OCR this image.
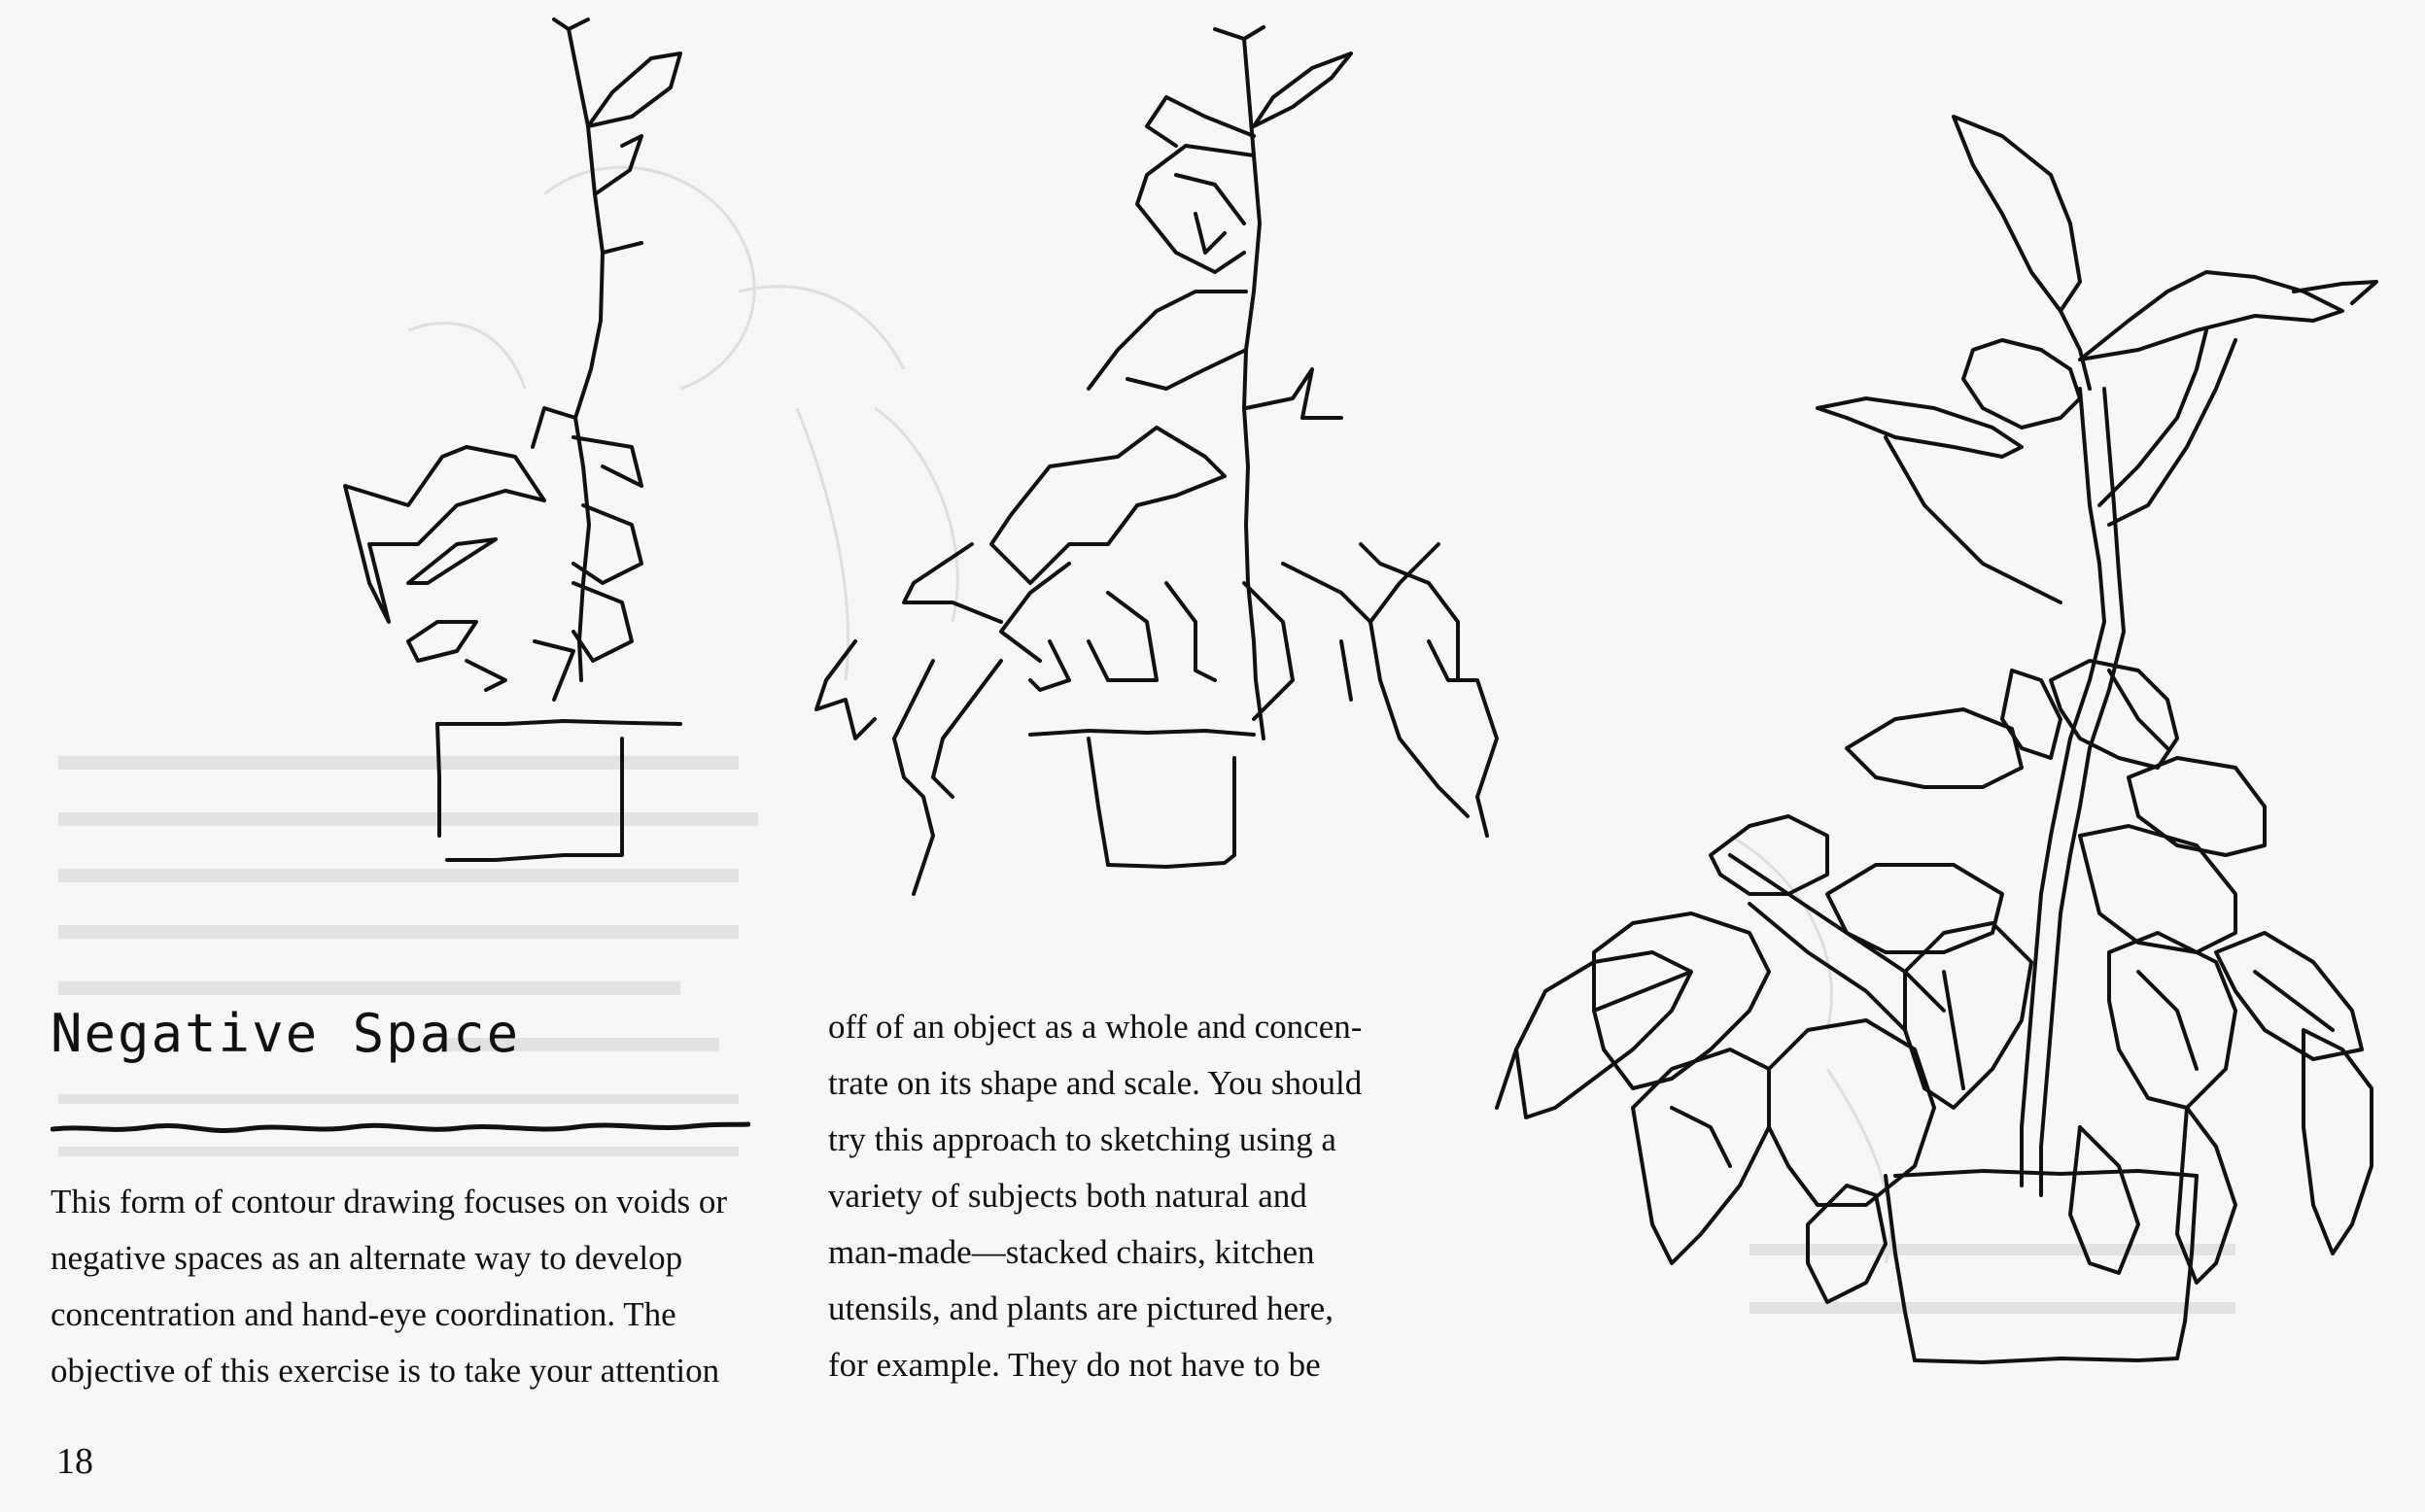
Negative Space

This form of contour drawing focuses on voids or
negative spaces as an alternate way to develop
concentration and hand-eye coordination. The
objective of this exercise is to take your attention

off of an object as a whole and concen-
trate on its shape and scale. You should
try this approach to sketching using a
variety of subjects both natural and
man-made—stacked chairs, kitchen
utensils, and plants are pictured here,
for example. They do not have to be

18
